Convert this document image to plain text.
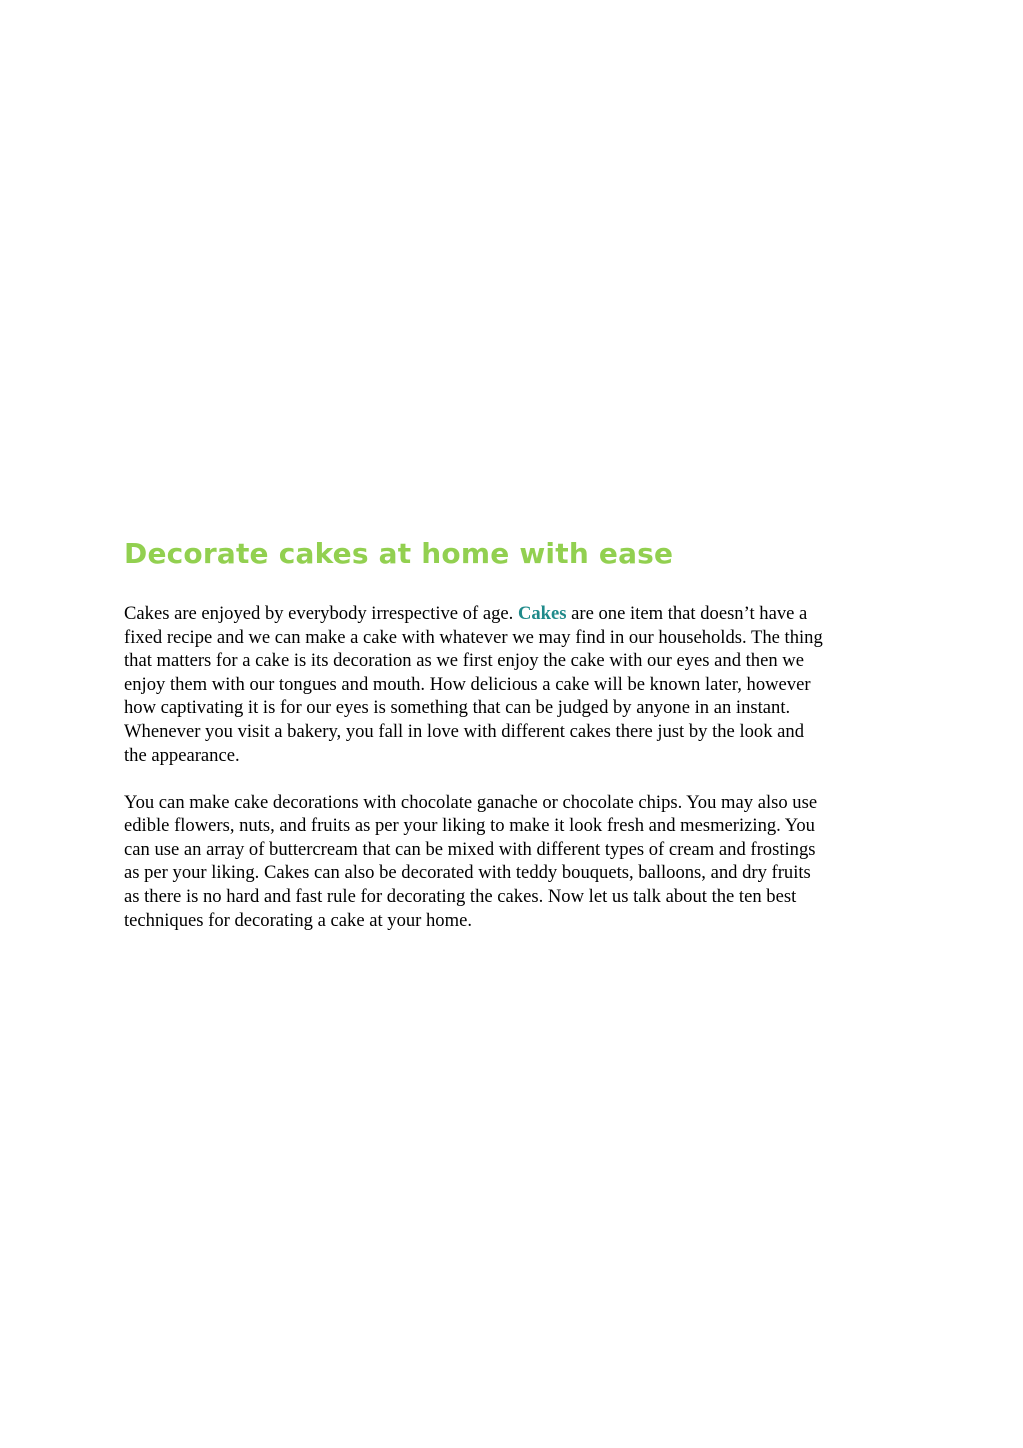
Decorate cakes at home with ease

Cakes are enjoyed by everybody irrespective of age. Cakes are one item that doesn’t have a
fixed recipe and we can make a cake with whatever we may find in our households. The thing
that matters for a cake is its decoration as we first enjoy the cake with our eyes and then we
enjoy them with our tongues and mouth. How delicious a cake will be known later, however
how captivating it is for our eyes is something that can be judged by anyone in an instant.
Whenever you visit a bakery, you fall in love with different cakes there just by the look and
the appearance.

You can make cake decorations with chocolate ganache or chocolate chips. You may also use
edible flowers, nuts, and fruits as per your liking to make it look fresh and mesmerizing. You
can use an array of buttercream that can be mixed with different types of cream and frostings
as per your liking. Cakes can also be decorated with teddy bouquets, balloons, and dry fruits
as there is no hard and fast rule for decorating the cakes. Now let us talk about the ten best
techniques for decorating a cake at your home.
